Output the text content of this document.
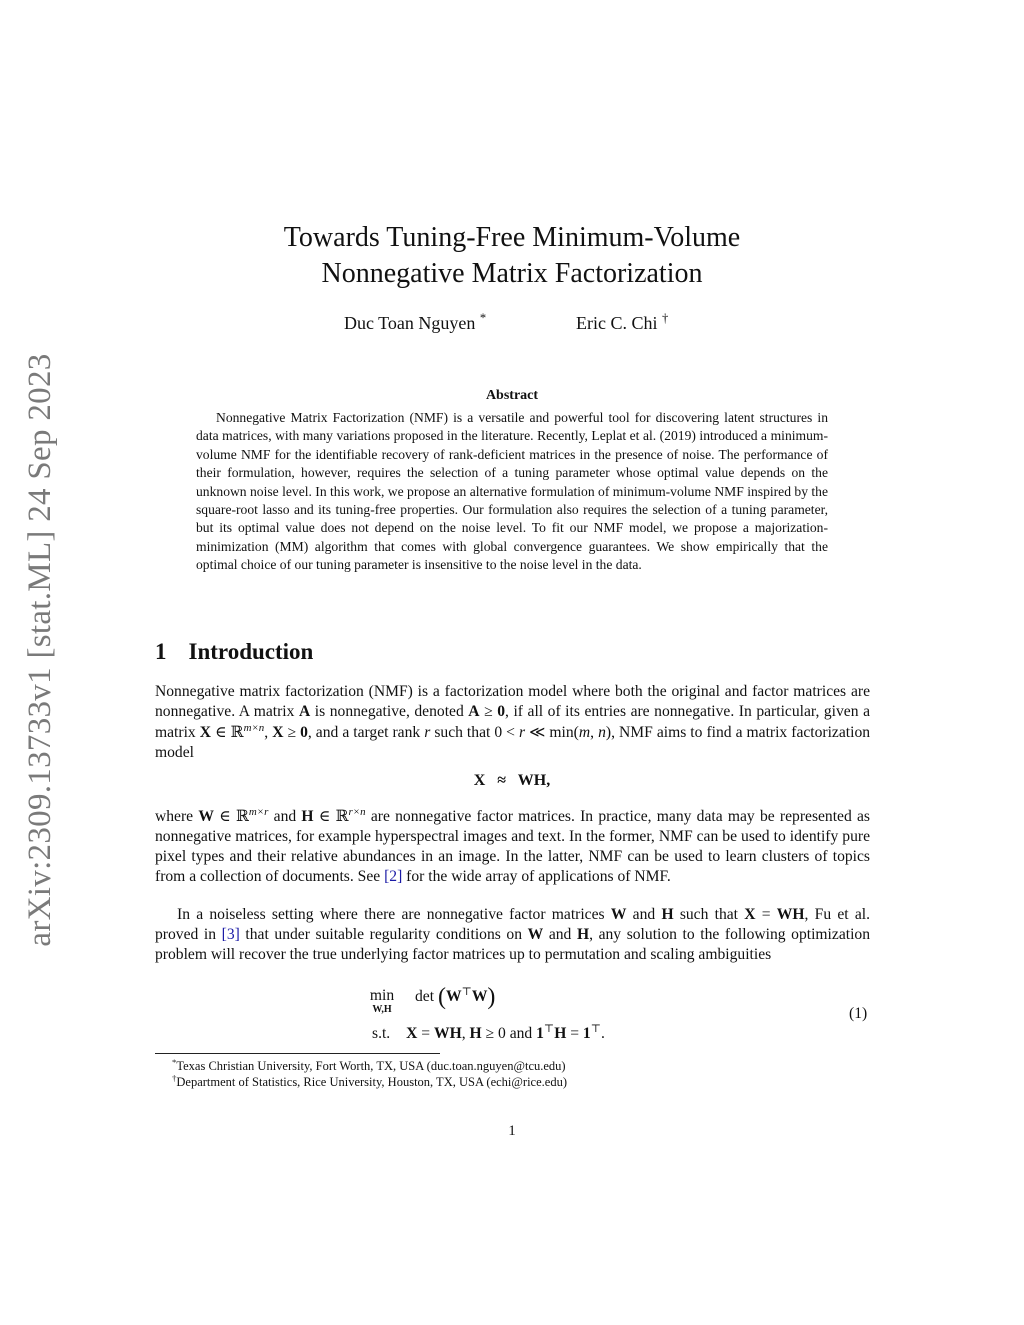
arXiv:2309.13733v1 [stat.ML] 24 Sep 2023
Towards Tuning-Free Minimum-Volume
Nonnegative Matrix Factorization
Duc Toan Nguyen *	Eric C. Chi †
Abstract
Nonnegative Matrix Factorization (NMF) is a versatile and powerful tool for discovering latent structures in data matrices, with many variations proposed in the literature. Recently, Leplat et al. (2019) introduced a minimum-volume NMF for the identifiable recovery of rank-deficient matrices in the presence of noise. The performance of their formulation, however, requires the selection of a tuning parameter whose optimal value depends on the unknown noise level. In this work, we propose an alternative formulation of minimum-volume NMF inspired by the square-root lasso and its tuning-free properties. Our formulation also requires the selection of a tuning parameter, but its optimal value does not depend on the noise level. To fit our NMF model, we propose a majorization-minimization (MM) algorithm that comes with global convergence guarantees. We show empirically that the optimal choice of our tuning parameter is insensitive to the noise level in the data.
1 Introduction
Nonnegative matrix factorization (NMF) is a factorization model where both the original and factor matrices are nonnegative. A matrix A is nonnegative, denoted A ≥ 0, if all of its entries are nonnegative. In particular, given a matrix X ∈ ℝ$^{m\times n}$, X ≥ 0, and a target rank r such that 0 < r ≪ min(m, n), NMF aims to find a matrix factorization model
X   ≈   WH,
where W ∈ ℝ$^{m\times r}$ and H ∈ ℝ$^{r\times n}$ are nonnegative factor matrices. In practice, many data may be represented as nonnegative matrices, for example hyperspectral images and text. In the former, NMF can be used to identify pure pixel types and their relative abundances in an image. In the latter, NMF can be used to learn clusters of topics from a collection of documents. See [2] for the wide array of applications of NMF.
In a noiseless setting where there are nonnegative factor matrices W and H such that X = WH, Fu et al. proved in [3] that under suitable regularity conditions on W and H, any solution to the following optimization problem will recover the true underlying factor matrices up to permutation and scaling ambiguities
min
W,H
det (W⊤W)
s.t. X = WH, H ≥ 0 and 1⊤H = 1⊤.
(1)
*Texas Christian University, Fort Worth, TX, USA (duc.toan.nguyen@tcu.edu)
†Department of Statistics, Rice University, Houston, TX, USA (echi@rice.edu)
1
